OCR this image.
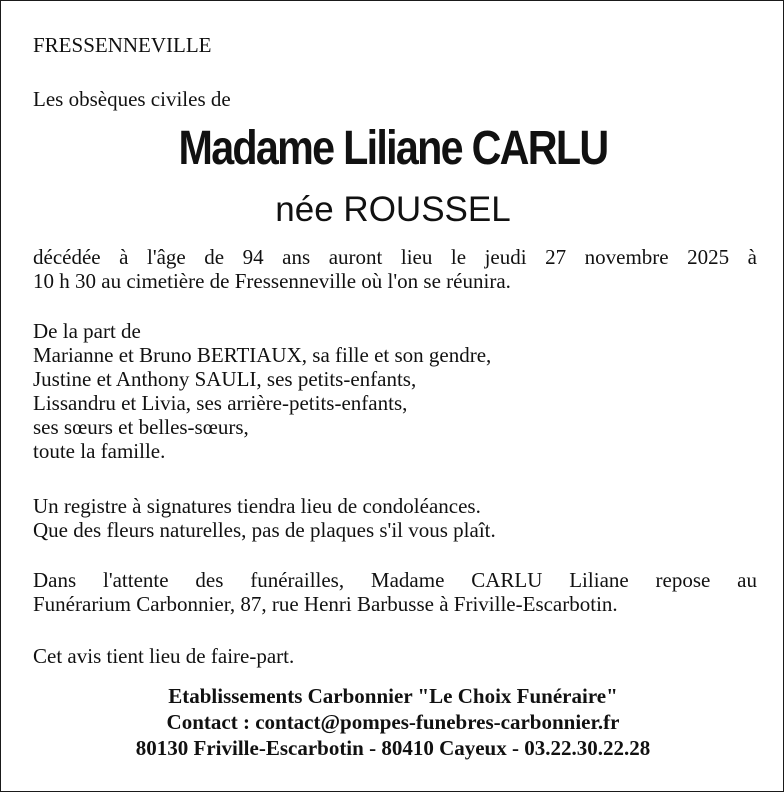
FRESSENNEVILLE
Les obsèques civiles de
Madame Liliane CARLU
née ROUSSEL

décédée à l'âge de 94 ans auront lieu le jeudi 27 novembre 2025 à

10 h 30 au cimetière de Fressenneville où l'on se réunira.

De la part de

Marianne et Bruno BERTIAUX, sa fille et son gendre,

Justine et Anthony SAULI, ses petits-enfants,

Lissandru et Livia, ses arrière-petits-enfants,

ses sœurs et belles-sœurs,

toute la famille.

Un registre à signatures tiendra lieu de condoléances.

Que des fleurs naturelles, pas de plaques s'il vous plaît.

Dans l'attente des funérailles, Madame CARLU Liliane repose au

Funérarium Carbonnier, 87, rue Henri Barbusse à Friville-Escarbotin.

Cet avis tient lieu de faire-part.
Etablissements Carbonnier "Le Choix Funéraire"
Contact : contact@pompes-funebres-carbonnier.fr
80130 Friville-Escarbotin - 80410 Cayeux - 03.22.30.22.28
